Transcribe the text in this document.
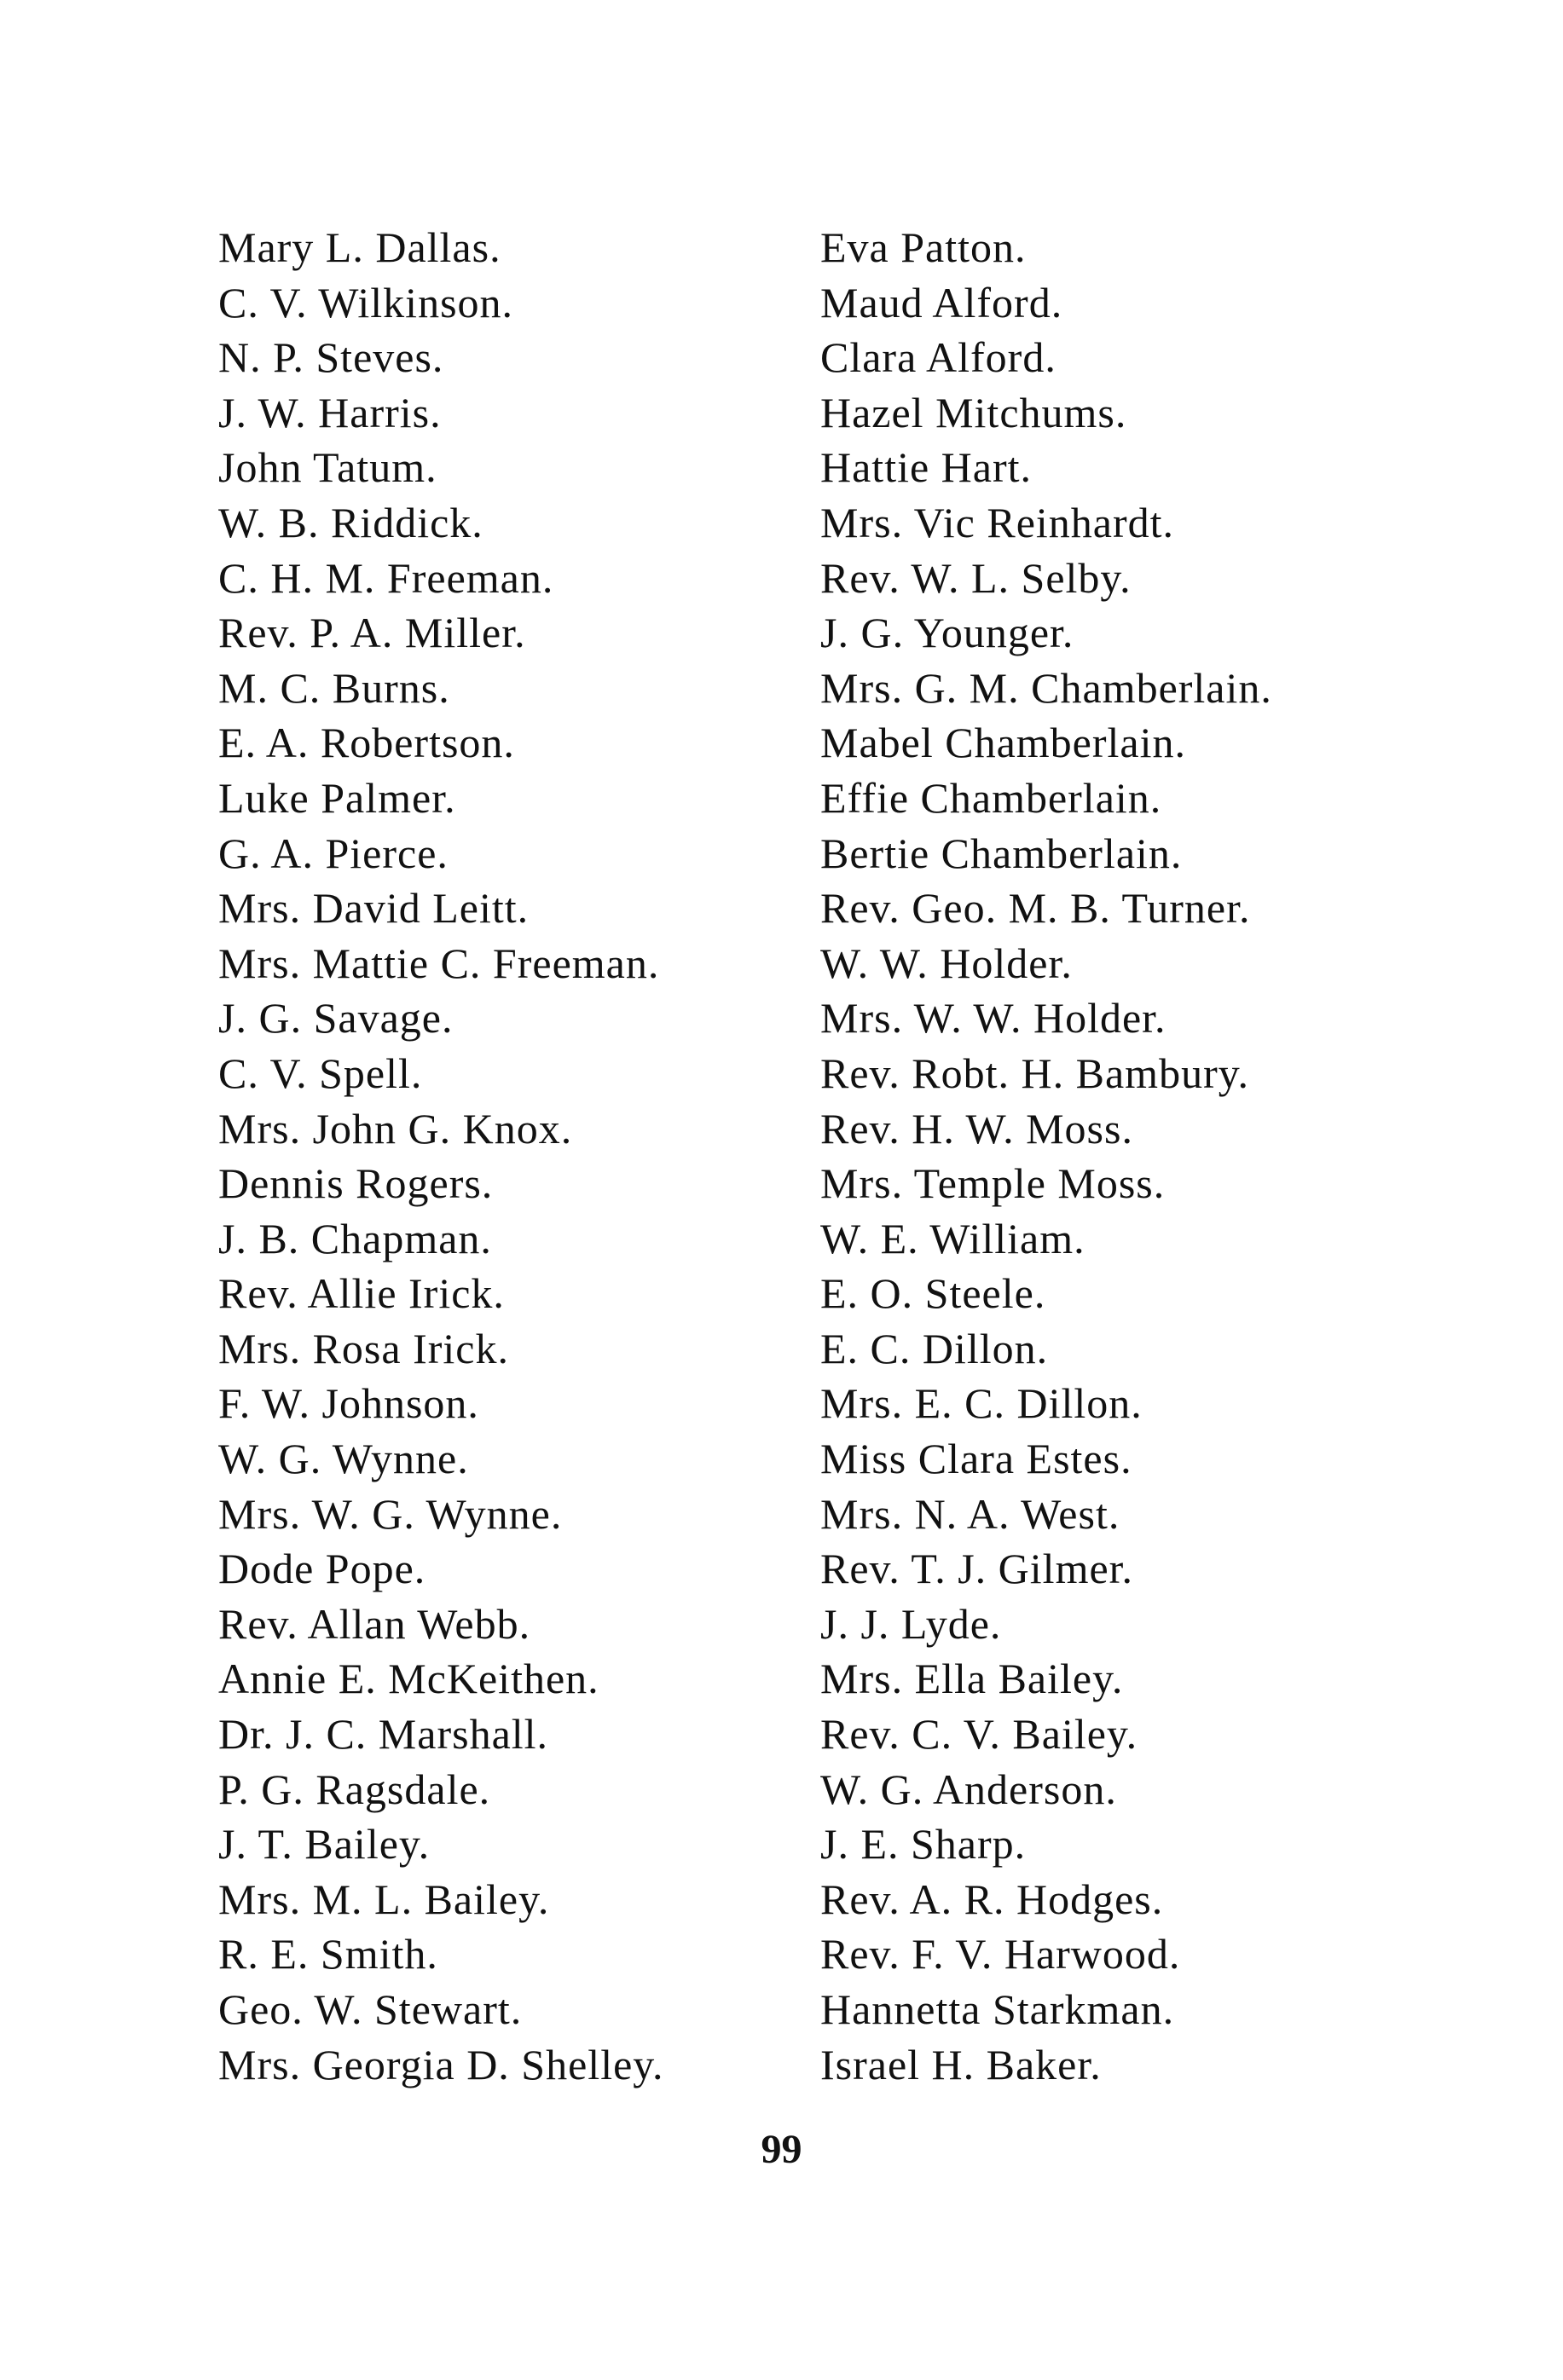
Mary L. Dallas.
C. V. Wilkinson.
N. P. Steves.
J. W. Harris.
John Tatum.
W. B. Riddick.
C. H. M. Freeman.
Rev. P. A. Miller.
M. C. Burns.
E. A. Robertson.
Luke Palmer.
G. A. Pierce.
Mrs. David Leitt.
Mrs. Mattie C. Freeman.
J. G. Savage.
C. V. Spell.
Mrs. John G. Knox.
Dennis Rogers.
J. B. Chapman.
Rev. Allie Irick.
Mrs. Rosa Irick.
F. W. Johnson.
W. G. Wynne.
Mrs. W. G. Wynne.
Dode Pope.
Rev. Allan Webb.
Annie E. McKeithen.
Dr. J. C. Marshall.
P. G. Ragsdale.
J. T. Bailey.
Mrs. M. L. Bailey.
R. E. Smith.
Geo. W. Stewart.
Mrs. Georgia D. Shelley.
Eva Patton.
Maud Alford.
Clara Alford.
Hazel Mitchums.
Hattie Hart.
Mrs. Vic Reinhardt.
Rev. W. L. Selby.
J. G. Younger.
Mrs. G. M. Chamberlain.
Mabel Chamberlain.
Effie Chamberlain.
Bertie Chamberlain.
Rev. Geo. M. B. Turner.
W. W. Holder.
Mrs. W. W. Holder.
Rev. Robt. H. Bambury.
Rev. H. W. Moss.
Mrs. Temple Moss.
W. E. William.
E. O. Steele.
E. C. Dillon.
Mrs. E. C. Dillon.
Miss Clara Estes.
Mrs. N. A. West.
Rev. T. J. Gilmer.
J. J. Lyde.
Mrs. Ella Bailey.
Rev. C. V. Bailey.
W. G. Anderson.
J. E. Sharp.
Rev. A. R. Hodges.
Rev. F. V. Harwood.
Hannetta Starkman.
Israel H. Baker.
99
